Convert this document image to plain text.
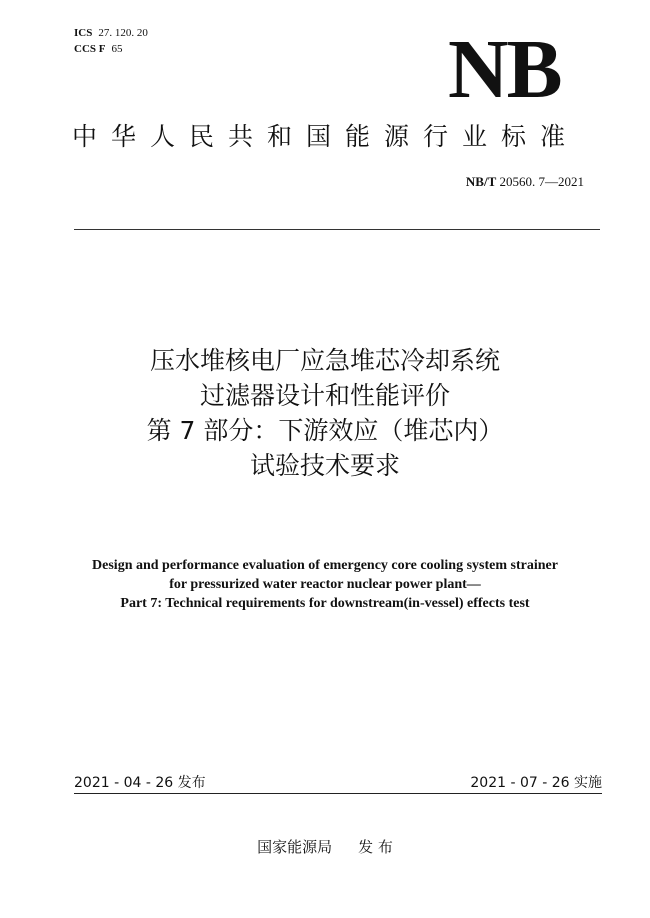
ICS 27. 120. 20
CCS F 65	NB
中华人民共和国能源行业标准
NB/T 20560. 7—2021
压水堆核电厂应急堆芯冷却系统
过滤器设计和性能评价
第 7 部分：下游效应（堆芯内）
试验技术要求
Design and performance evaluation of emergency core cooling system strainer
for pressurized water reactor nuclear power plant—
Part 7: Technical requirements for downstream(in-vessel) effects test
2021 - 04 - 26 发布	2021 - 07 - 26 实施
国家能源局 发 布
